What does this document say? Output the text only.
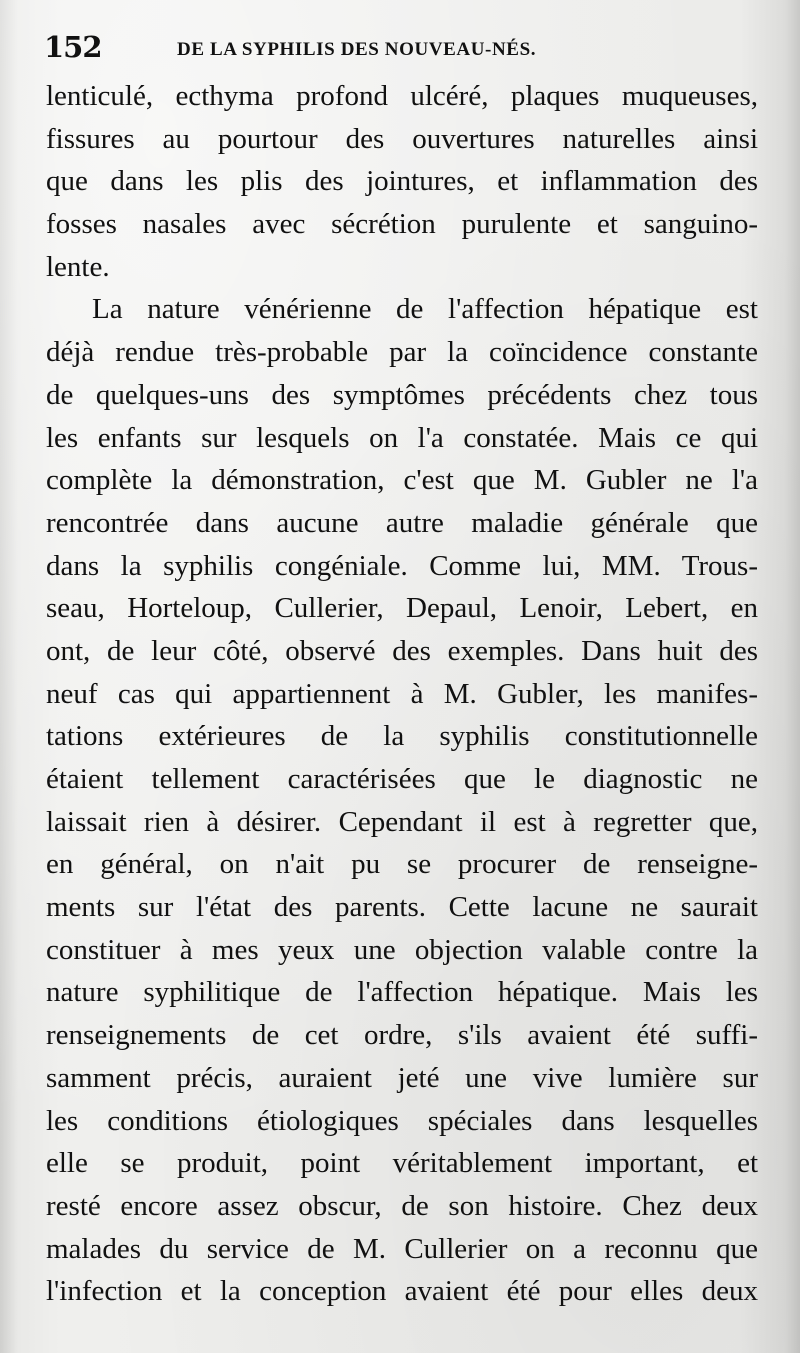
152	DE LA SYPHILIS DES NOUVEAU-NÉS.
lenticulé, ecthyma profond ulcéré, plaques muqueuses,
fissures au pourtour des ouvertures naturelles ainsi
que dans les plis des jointures, et inflammation des
fosses nasales avec sécrétion purulente et sanguino-
lente.
La nature vénérienne de l'affection hépatique est
déjà rendue très-probable par la coïncidence constante
de quelques-uns des symptômes précédents chez tous
les enfants sur lesquels on l'a constatée. Mais ce qui
complète la démonstration, c'est que M. Gubler ne l'a
rencontrée dans aucune autre maladie générale que
dans la syphilis congéniale. Comme lui, MM. Trous-
seau, Horteloup, Cullerier, Depaul, Lenoir, Lebert, en
ont, de leur côté, observé des exemples. Dans huit des
neuf cas qui appartiennent à M. Gubler, les manifes-
tations extérieures de la syphilis constitutionnelle
étaient tellement caractérisées que le diagnostic ne
laissait rien à désirer. Cependant il est à regretter que,
en général, on n'ait pu se procurer de renseigne-
ments sur l'état des parents. Cette lacune ne saurait
constituer à mes yeux une objection valable contre la
nature syphilitique de l'affection hépatique. Mais les
renseignements de cet ordre, s'ils avaient été suffi-
samment précis, auraient jeté une vive lumière sur
les conditions étiologiques spéciales dans lesquelles
elle se produit, point véritablement important, et
resté encore assez obscur, de son histoire. Chez deux
malades du service de M. Cullerier on a reconnu que
l'infection et la conception avaient été pour elles deux
